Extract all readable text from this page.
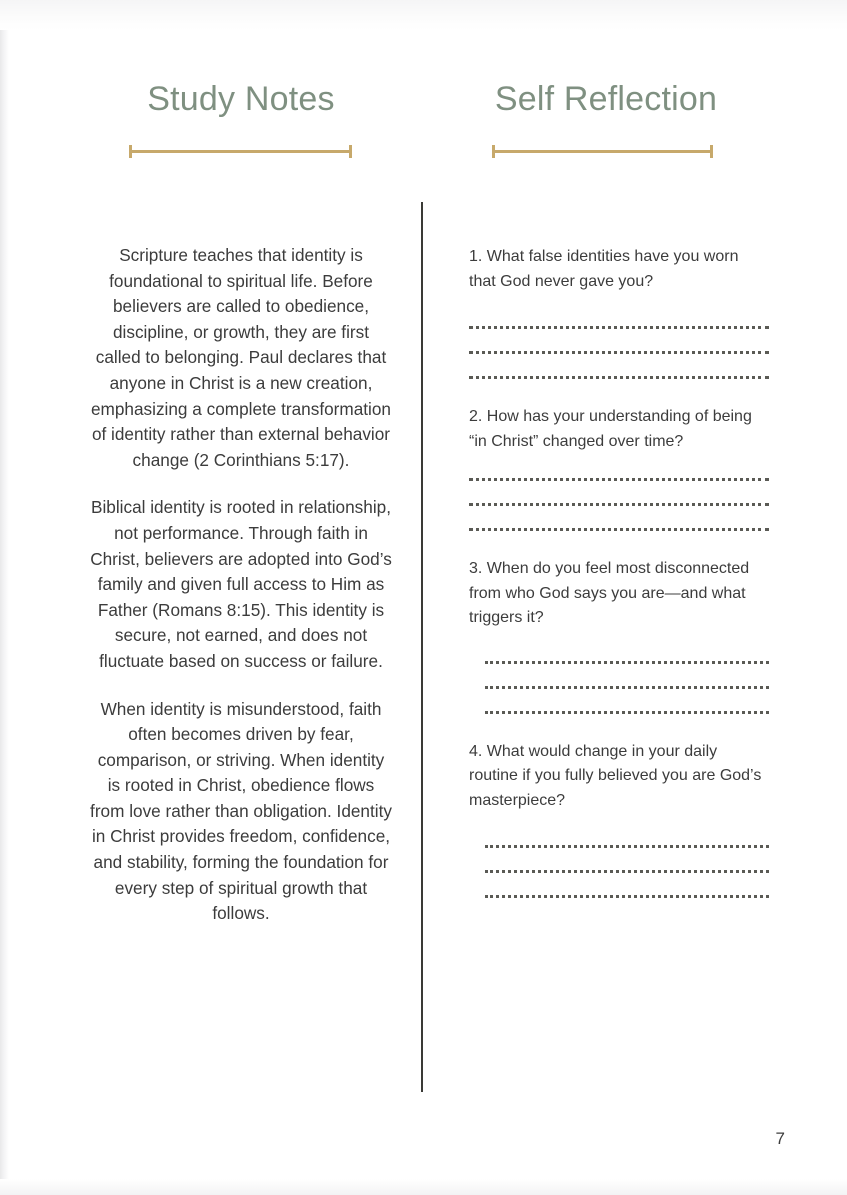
Study Notes	Self Reflection

Scripture teaches that identity is foundational to spiritual life. Before believers are called to obedience, discipline, or growth, they are first called to belonging. Paul declares that anyone in Christ is a new creation, emphasizing a complete transformation of identity rather than external behavior change (2 Corinthians 5:17).

Biblical identity is rooted in relationship, not performance. Through faith in Christ, believers are adopted into God’s family and given full access to Him as Father (Romans 8:15). This identity is secure, not earned, and does not fluctuate based on success or failure.

When identity is misunderstood, faith often becomes driven by fear, comparison, or striving. When identity is rooted in Christ, obedience flows from love rather than obligation. Identity in Christ provides freedom, confidence, and stability, forming the foundation for every step of spiritual growth that follows.

1. What false identities have you worn that God never gave you?

2. How has your understanding of being “in Christ” changed over time?

3. When do you feel most disconnected from who God says you are—and what triggers it?

4. What would change in your daily routine if you fully believed you are God’s masterpiece?

7
